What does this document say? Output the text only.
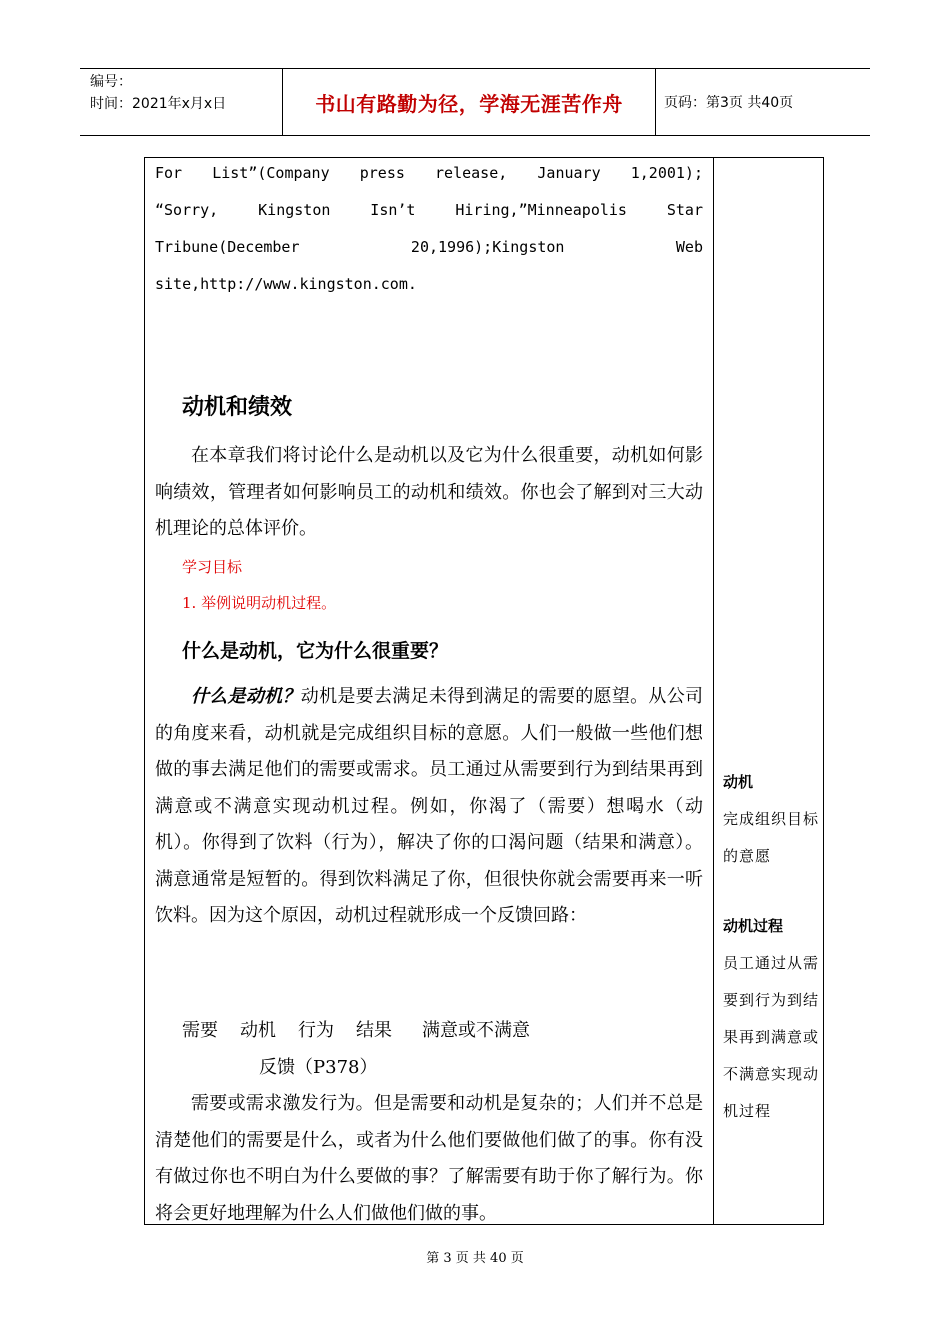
编号：
时间：2021年x月x日	书山有路勤为径，学海无涯苦作舟	页码：第3页 共40页
For List”(Company press release, January 1,2001);
“Sorry, Kingston Isn’t Hiring,”Minneapolis Star
Tribune(December 20,1996);Kingston Web
site,http://www.kingston.com.
动机和绩效
在本章我们将讨论什么是动机以及它为什么很重要，动机如何影响绩效，管理者如何影响员工的动机和绩效。你也会了解到对三大动机理论的总体评价。
学习目标
1. 举例说明动机过程。
什么是动机，它为什么很重要？
什么是动机？动机是要去满足未得到满足的需要的愿望。从公司的角度来看，动机就是完成组织目标的意愿。人们一般做一些他们想做的事去满足他们的需要或需求。员工通过从需要到行为到结果再到满意或不满意实现动机过程。例如，你渴了（需要）想喝水（动机）。你得到了饮料（行为），解决了你的口渴问题（结果和满意）。满意通常是短暂的。得到饮料满足了你，但很快你就会需要再来一听饮料。因为这个原因，动机过程就形成一个反馈回路：
需要 动机 行为 结果 满意或不满意
反馈（P378）
需要或需求激发行为。但是需要和动机是复杂的；人们并不总是清楚他们的需要是什么，或者为什么他们要做他们做了的事。你有没有做过你也不明白为什么要做的事？了解需要有助于你了解行为。你将会更好地理解为什么人们做他们做的事。
动机
完成组织目标的意愿
动机过程
员工通过从需要到行为到结果再到满意或不满意实现动机过程
第 3 页 共 40 页
